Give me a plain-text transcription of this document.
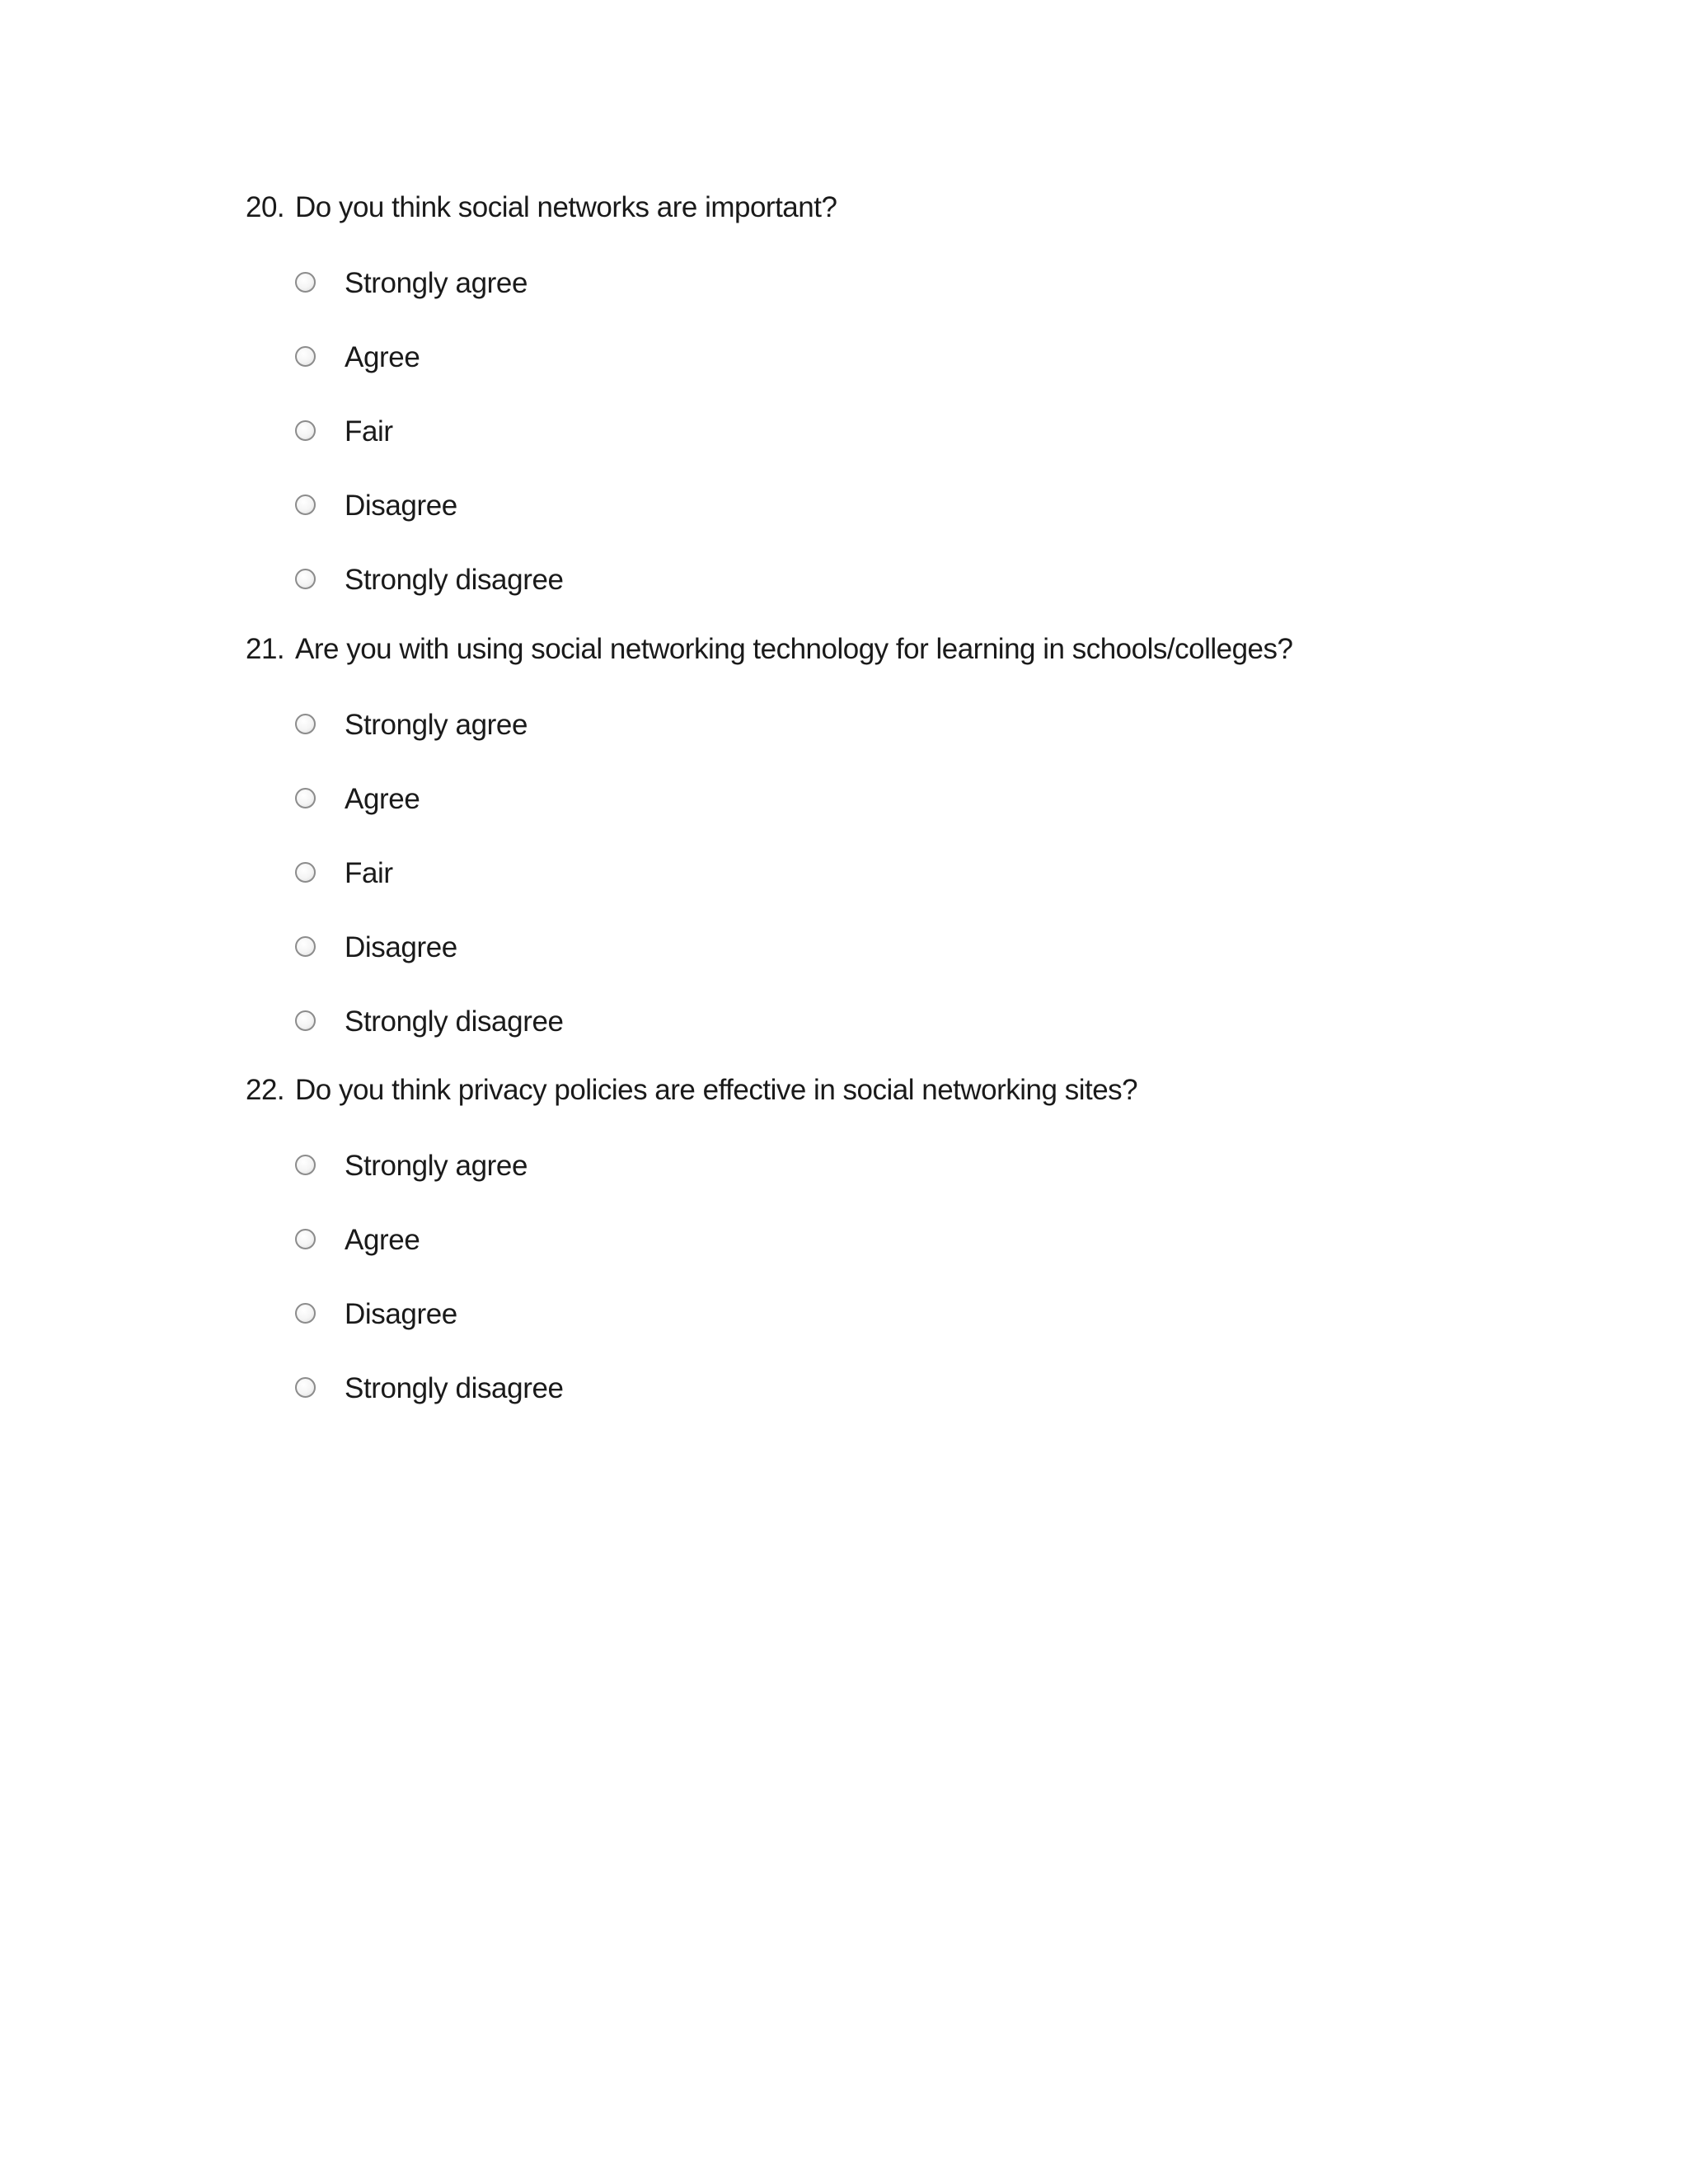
20. Do you think social networks are important?
Strongly agree
Agree
Fair
Disagree
Strongly disagree
21. Are you with using social networking technology for learning in schools/colleges?
Strongly agree
Agree
Fair
Disagree
Strongly disagree
22. Do you think privacy policies are effective in social networking sites?
Strongly agree
Agree
Disagree
Strongly disagree
